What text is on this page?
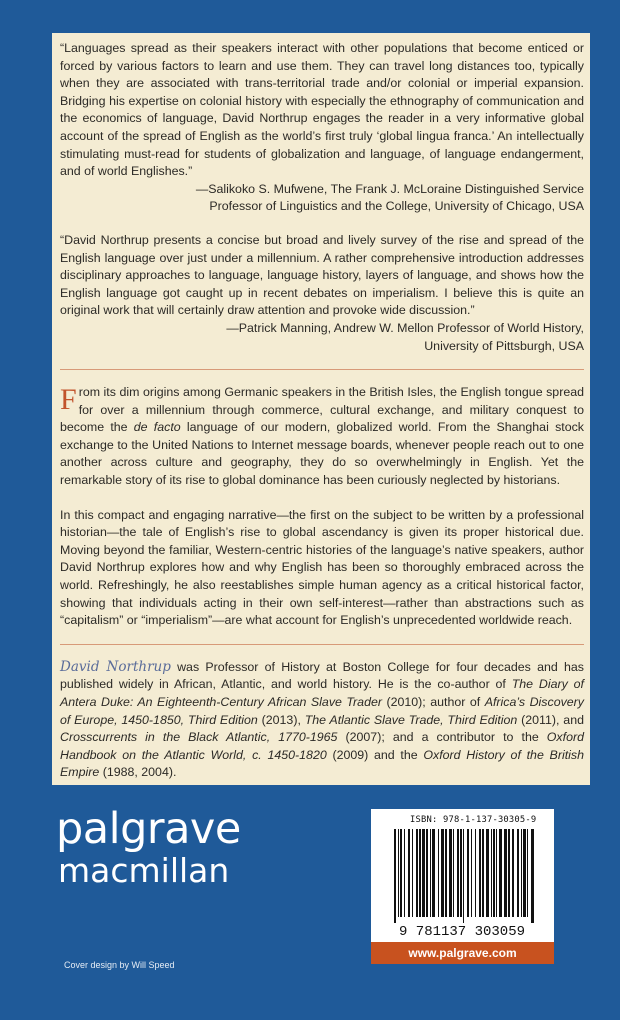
“Languages spread as their speakers interact with other populations that become enticed or forced by various factors to learn and use them. They can travel long distances too, typically when they are associated with trans-territorial trade and/or colonial or imperial expansion. Bridging his expertise on colonial history with especially the ethnography of communication and the economics of language, David Northrup engages the reader in a very informative global account of the spread of English as the world’s first truly ‘global lingua franca.’ An intellectually stimulating must-read for students of globalization and language, of language endangerment, and of world Englishes.”

—Salikoko S. Mufwene, The Frank J. McLoraine Distinguished Service

Professor of Linguistics and the College, University of Chicago, USA

“David Northrup presents a concise but broad and lively survey of the rise and spread of the English language over just under a millennium. A rather comprehensive introduction addresses disciplinary approaches to language, language history, layers of language, and shows how the English language got caught up in recent debates on imperialism. I believe this is quite an original work that will certainly draw attention and provoke wide discussion.”

—Patrick Manning, Andrew W. Mellon Professor of World History,

University of Pittsburgh, USA

From its dim origins among Germanic speakers in the British Isles, the English tongue spread for over a millennium through commerce, cultural exchange, and military conquest to become the de facto language of our modern, globalized world. From the Shanghai stock exchange to the United Nations to Internet message boards, whenever people reach out to one another across culture and geography, they do so overwhelmingly in English. Yet the remarkable story of its rise to global dominance has been curiously neglected by historians.

In this compact and engaging narrative—the first on the subject to be written by a professional historian—the tale of English’s rise to global ascendancy is given its proper historical due. Moving beyond the familiar, Western-centric histories of the language’s native speakers, author David Northrup explores how and why English has been so thoroughly embraced across the world. Refreshingly, he also reestablishes simple human agency as a critical historical factor, showing that individuals acting in their own self-interest—rather than abstractions such as “capitalism” or “imperialism”—are what account for English’s unprecedented worldwide reach.

David Northrup was Professor of History at Boston College for four decades and has published widely in African, Atlantic, and world history. He is the co-author of The Diary of Antera Duke: An Eighteenth-Century African Slave Trader (2010); author of Africa’s Discovery of Europe, 1450-1850, Third Edition (2013), The Atlantic Slave Trade, Third Edition (2011), and Crosscurrents in the Black Atlantic, 1770-1965 (2007); and a contributor to the Oxford Handbook on the Atlantic World, c. 1450-1820 (2009) and the Oxford History of the British Empire (1988, 2004).

palgrave
macmillan
Cover design by Will Speed
ISBN: 978-1-137-30305-9
9 781137 303059
www.palgrave.com
